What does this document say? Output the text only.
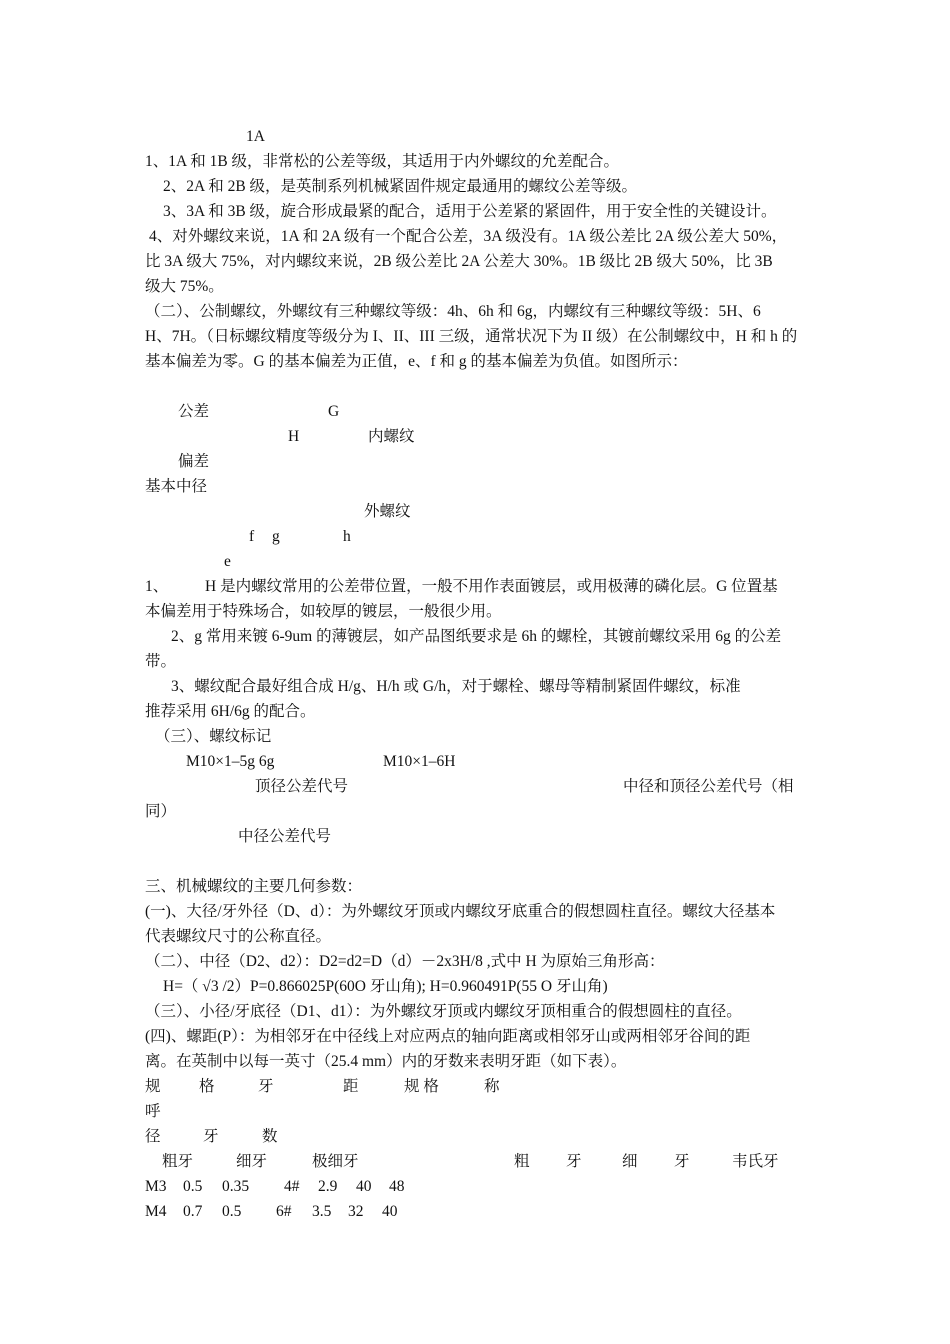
1A
1、1A 和 1B 级，非常松的公差等级，其适用于内外螺纹的允差配合。
2、2A 和 2B 级，是英制系列机械紧固件规定最通用的螺纹公差等级。
3、3A 和 3B 级，旋合形成最紧的配合，适用于公差紧的紧固件，用于安全性的关键设计。
4、对外螺纹来说，1A 和 2A 级有一个配合公差，3A 级没有。1A 级公差比 2A 级公差大 50%，
比 3A 级大 75%，对内螺纹来说，2B 级公差比 2A 公差大 30%。1B 级比 2B 级大 50%，比 3B
级大 75%。
（二）、公制螺纹，外螺纹有三种螺纹等级：4h、6h 和 6g，内螺纹有三种螺纹等级：5H、6
H、7H。（日标螺纹精度等级分为 I、II、III 三级，通常状况下为 II 级）在公制螺纹中，H 和 h 的
基本偏差为零。G 的基本偏差为正值，e、f 和 g 的基本偏差为负值。如图所示：
公差	G
H	内螺纹
偏差
基本中径
外螺纹
f g	h
e
1、 H 是内螺纹常用的公差带位置，一般不用作表面镀层，或用极薄的磷化层。G 位置基
本偏差用于特殊场合，如较厚的镀层，一般很少用。
2、g 常用来镀 6-9um 的薄镀层，如产品图纸要求是 6h 的螺栓，其镀前螺纹采用 6g 的公差
带。
3、螺纹配合最好组合成 H/g、H/h 或 G/h，对于螺栓、螺母等精制紧固件螺纹，标准
推荐采用 6H/6g 的配合。
（三）、螺纹标记
M10×1–5g 6g	M10×1–6H
顶径公差代号	中径和顶径公差代号（相
同）
中径公差代号
三、机械螺纹的主要几何参数：
(一)、大径/牙外径（D、d）：为外螺纹牙顶或内螺纹牙底重合的假想圆柱直径。螺纹大径基本
代表螺纹尺寸的公称直径。
（二）、中径（D2、d2）：D2=d2=D（d）－2x3H/8 ,式中 H 为原始三角形高：
H=（ √3 /2）P=0.866025P(60O 牙山角); H=0.960491P(55 O 牙山角)
（三）、小径/牙底径（D1、d1）：为外螺纹牙顶或内螺纹牙顶相重合的假想圆柱的直径。
(四)、螺距(P）：为相邻牙在中径线上对应两点的轴向距离或相邻牙山或两相邻牙谷间的距
离。在英制中以每一英寸（25.4 mm）内的牙数来表明牙距（如下表）。
规 格	牙	距	规 格	称
呼
径	牙	数
粗牙	细牙	极细牙	粗 牙	细 牙	韦氏牙
M3 0.5 0.35 4# 2.9 40 48
M4 0.7 0.5 6# 3.5 32 40
